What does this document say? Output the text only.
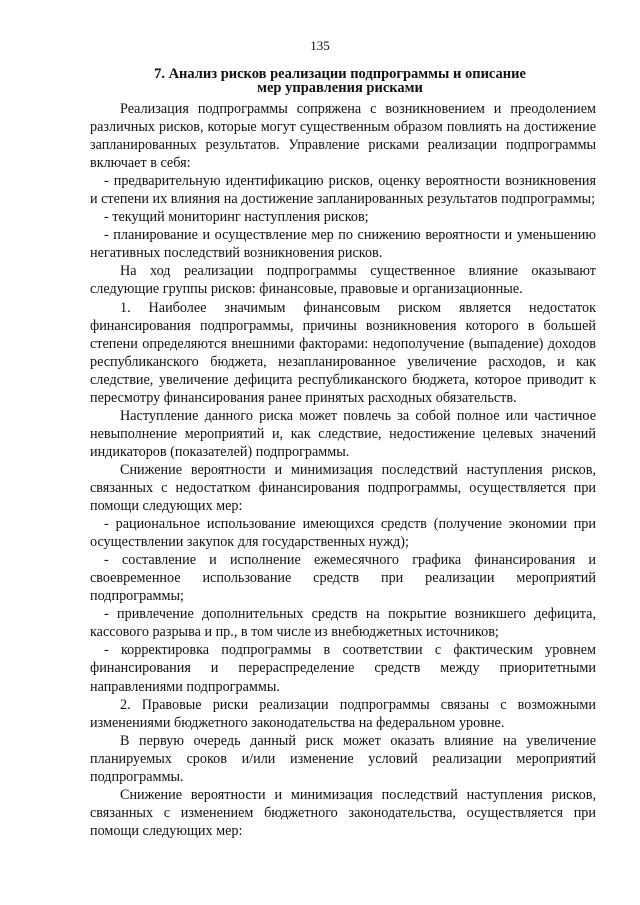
135
7. Анализ рисков реализации подпрограммы и описание
мер управления рисками

Реализация подпрограммы сопряжена с возникновением и преодолением различных рисков, которые могут существенным образом повлиять на достижение запланированных результатов. Управление рисками реализации подпрограммы включает в себя:

- предварительную идентификацию рисков, оценку вероятности возникновения и степени их влияния на достижение запланированных результатов подпрограммы;

- текущий мониторинг наступления рисков;

- планирование и осуществление мер по снижению вероятности и уменьшению негативных последствий возникновения рисков.

На ход реализации подпрограммы существенное влияние оказывают следующие группы рисков: финансовые, правовые и организационные.

1. Наиболее значимым финансовым риском является недостаток финансирования подпрограммы, причины возникновения которого в большей степени определяются внешними факторами: недополучение (выпадение) доходов республиканского бюджета, незапланированное увеличение расходов, и как следствие, увеличение дефицита республиканского бюджета, которое приводит к пересмотру финансирования ранее принятых расходных обязательств.

Наступление данного риска может повлечь за собой полное или частичное невыполнение мероприятий и, как следствие, недостижение целевых значений индикаторов (показателей) подпрограммы.

Снижение вероятности и минимизация последствий наступления рисков, связанных с недостатком финансирования подпрограммы, осуществляется при помощи следующих мер:

- рациональное использование имеющихся средств (получение экономии при осуществлении закупок для государственных нужд);

- составление и исполнение ежемесячного графика финансирования и своевременное использование средств при реализации мероприятий подпрограммы;

- привлечение дополнительных средств на покрытие возникшего дефицита, кассового разрыва и пр., в том числе из внебюджетных источников;

- корректировка подпрограммы в соответствии с фактическим уровнем финансирования и перераспределение средств между приоритетными направлениями подпрограммы.

2. Правовые риски реализации подпрограммы связаны с возможными изменениями бюджетного законодательства на федеральном уровне.

В первую очередь данный риск может оказать влияние на увеличение планируемых сроков и/или изменение условий реализации мероприятий подпрограммы.

Снижение вероятности и минимизация последствий наступления рисков, связанных с изменением бюджетного законодательства, осуществляется при помощи следующих мер:
